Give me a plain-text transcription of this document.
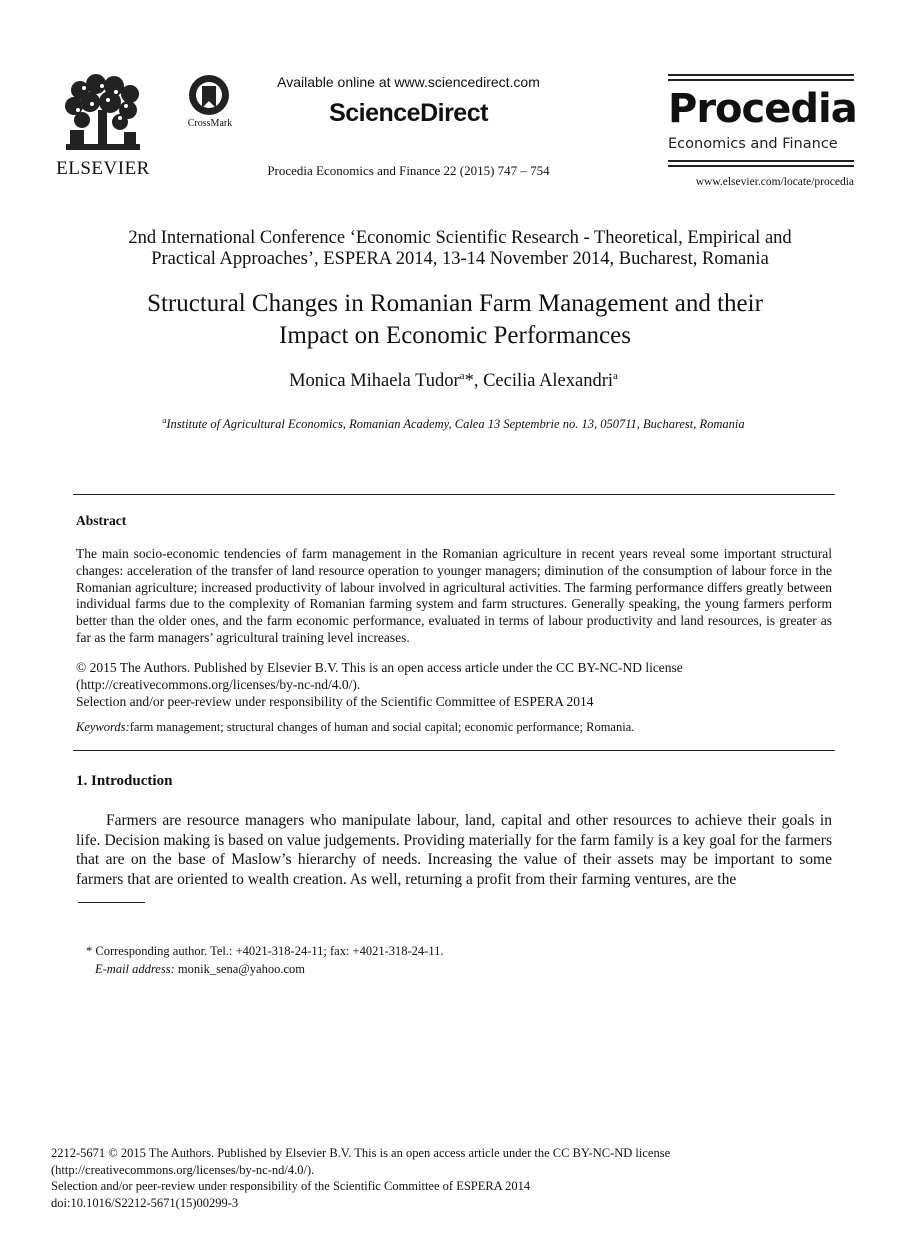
ELSEVIER
CrossMark
Available online at www.sciencedirect.com
ScienceDirect
Procedia Economics and Finance 22 (2015) 747 – 754
Procedia
Economics and Finance
www.elsevier.com/locate/procedia
2nd International Conference ‘Economic Scientific Research - Theoretical, Empirical and
Practical Approaches’, ESPERA 2014, 13-14 November 2014, Bucharest, Romania
Structural Changes in Romanian Farm Management and their
Impact on Economic Performances
Monica Mihaela Tudor$^a$*, Cecilia Alexandri$^a$
$^a$Institute of Agricultural Economics, Romanian Academy, Calea 13 Septembrie no. 13, 050711, Bucharest, Romania
Abstract
The main socio-economic tendencies of farm management in the Romanian agriculture in recent years reveal some important structural changes: acceleration of the transfer of land resource operation to younger managers; diminution of the consumption of labour force in the Romanian agriculture; increased productivity of labour involved in agricultural activities. The farming performance differs greatly between individual farms due to the complexity of Romanian farming system and farm structures. Generally speaking, the young farmers perform better than the older ones, and the farm economic performance, evaluated in terms of labour productivity and land resources, is greater as far as the farm managers’ agricultural training level increases.
© 2015 The Authors. Published by Elsevier B.V. This is an open access article under the CC BY-NC-ND license
(http://creativecommons.org/licenses/by-nc-nd/4.0/).
Selection and/or peer-review under responsibility of the Scientific Committee of ESPERA 2014
Keywords:farm management; structural changes of human and social capital; economic performance; Romania.
1. Introduction
Farmers are resource managers who manipulate labour, land, capital and other resources to achieve their goals in life. Decision making is based on value judgements. Providing materially for the farm family is a key goal for the farmers that are on the base of Maslow’s hierarchy of needs. Increasing the value of their assets may be important to some farmers that are oriented to wealth creation. As well, returning a profit from their farming ventures, are the
* Corresponding author. Tel.: +4021-318-24-11; fax: +4021-318-24-11.
E-mail address: monik_sena@yahoo.com
2212-5671 © 2015 The Authors. Published by Elsevier B.V. This is an open access article under the CC BY-NC-ND license
(http://creativecommons.org/licenses/by-nc-nd/4.0/).
Selection and/or peer-review under responsibility of the Scientific Committee of ESPERA 2014
doi:10.1016/S2212-5671(15)00299-3
